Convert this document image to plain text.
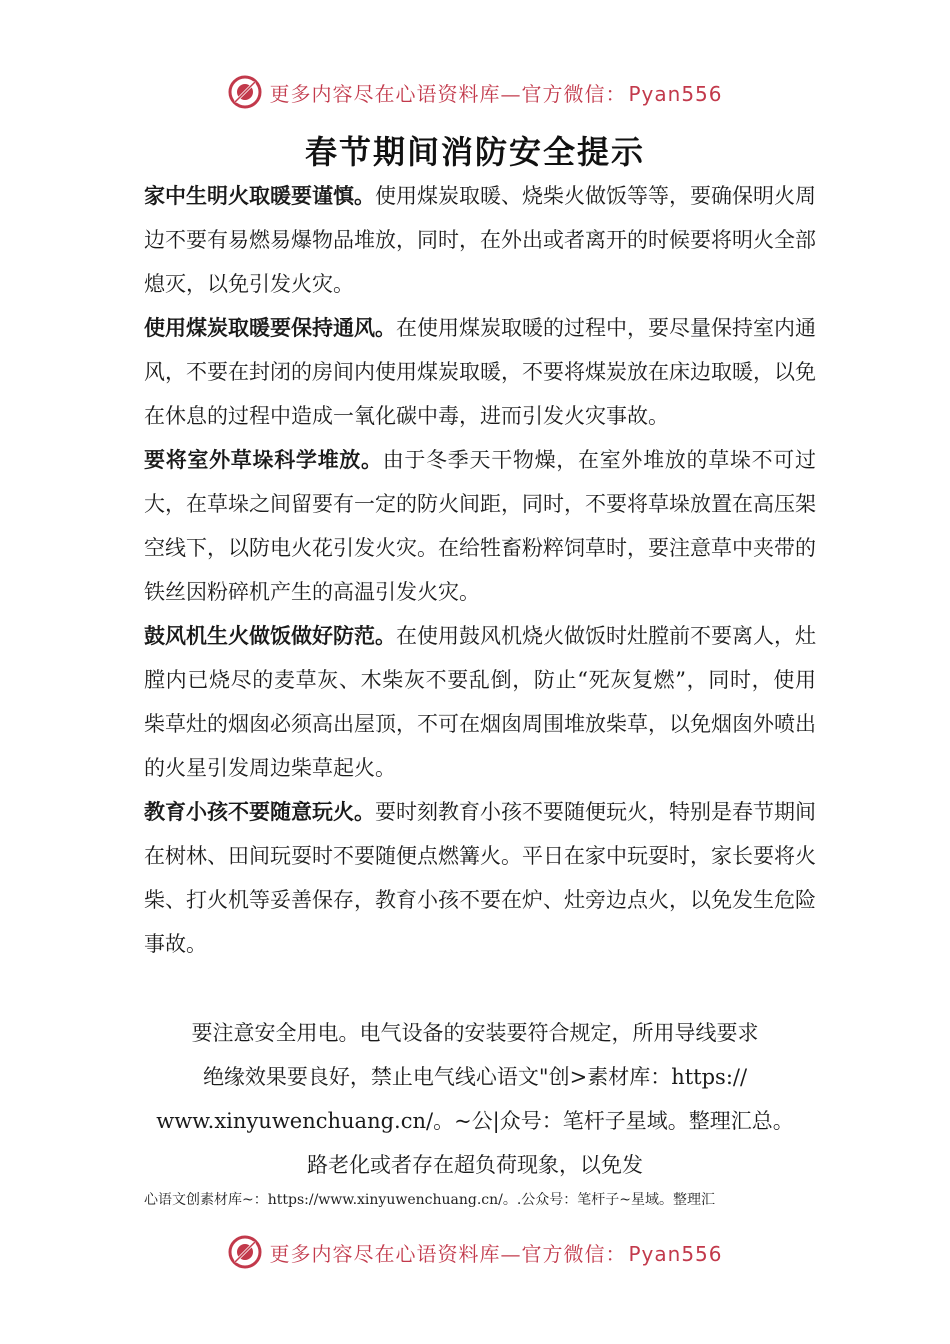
更多内容尽在心语资料库—官方微信： Pyan556
春节期间消防安全提示

家中生明火取暖要谨慎。使用煤炭取暖、烧柴火做饭等等，要确保明火周边不要有易燃易爆物品堆放，同时，在外出或者离开的时候要将明火全部熄灭，以免引发火灾。

使用煤炭取暖要保持通风。在使用煤炭取暖的过程中，要尽量保持室内通风，不要在封闭的房间内使用煤炭取暖，不要将煤炭放在床边取暖，以免在休息的过程中造成一氧化碳中毒，进而引发火灾事故。

要将室外草垛科学堆放。由于冬季天干物燥，在室外堆放的草垛不可过大，在草垛之间留要有一定的防火间距，同时，不要将草垛放置在高压架空线下，以防电火花引发火灾。在给牲畜粉粹饲草时，要注意草中夹带的铁丝因粉碎机产生的高温引发火灾。

鼓风机生火做饭做好防范。在使用鼓风机烧火做饭时灶膛前不要离人，灶膛内已烧尽的麦草灰、木柴灰不要乱倒，防止“死灰复燃”，同时，使用柴草灶的烟囱必须高出屋顶，不可在烟囱周围堆放柴草，以免烟囱外喷出的火星引发周边柴草起火。

教育小孩不要随意玩火。要时刻教育小孩不要随便玩火，特别是春节期间在树林、田间玩耍时不要随便点燃篝火。平日在家中玩耍时，家长要将火柴、打火机等妥善保存，教育小孩不要在炉、灶旁边点火，以免发生危险事故。

要注意安全用电。电气设备的安装要符合规定，所用导线要求
绝缘效果要良好，禁止电气线心语文"创>素材库：https://
www.xinyuwenchuang.cn/。~公|众号：笔杆子星域。整理汇总。
路老化或者存在超负荷现象，以免发
心语文创素材库~：https://www.xinyuwenchuang.cn/。.公众号：笔杆子~星域。整理汇
更多内容尽在心语资料库—官方微信： Pyan556
